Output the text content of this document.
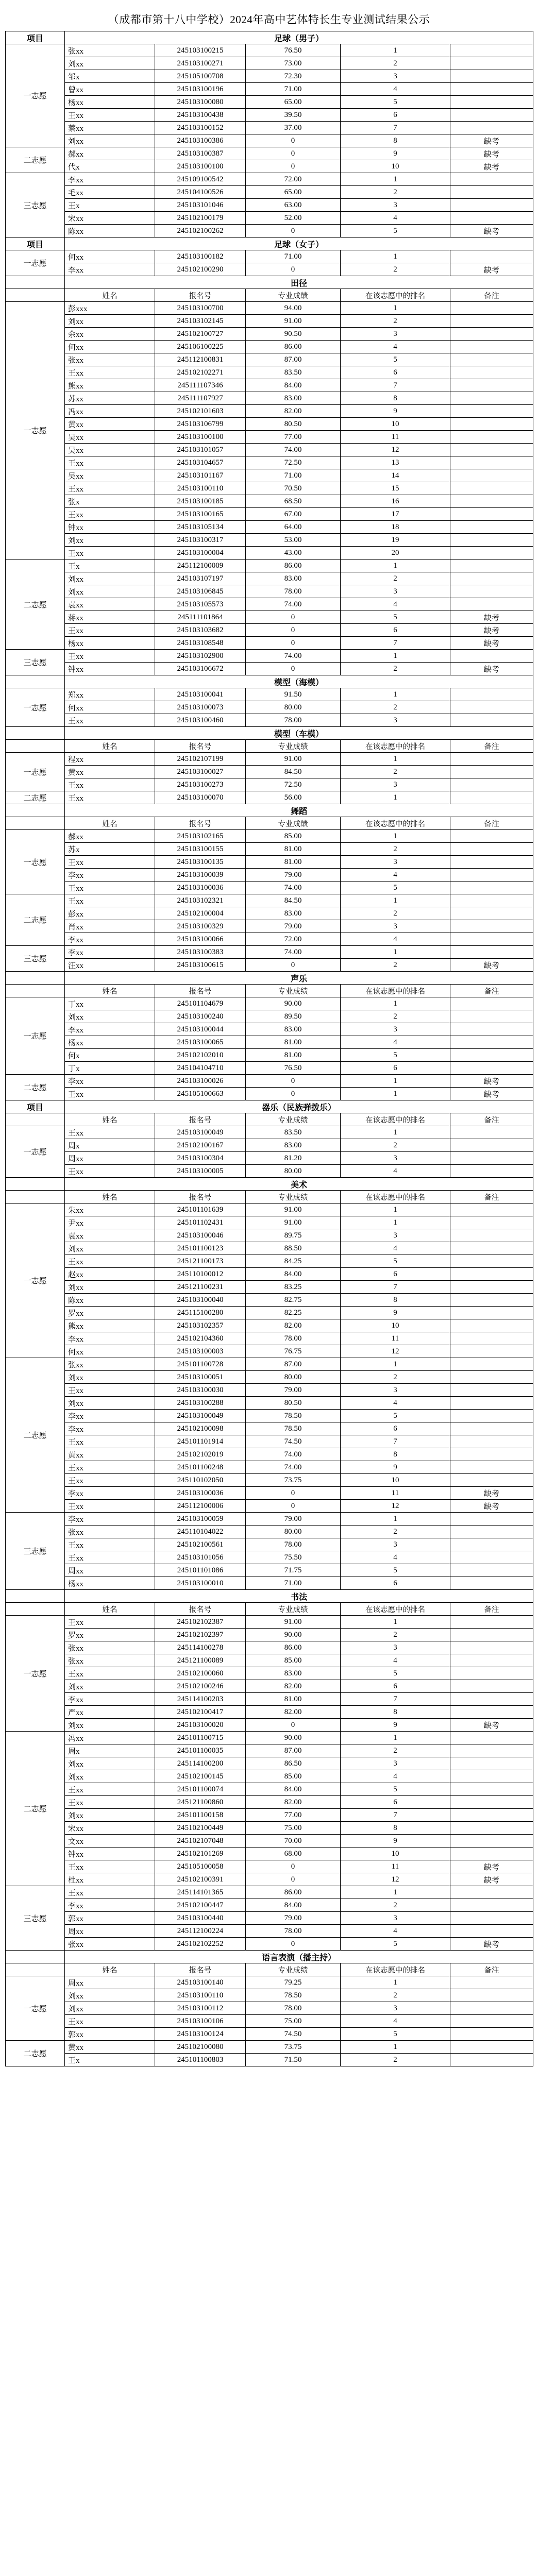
（成都市第十八中学校）2024年高中艺体特长生专业测试结果公示
项目	足球（男子）				
一志愿	张xx	2451031002​15	76.50	1	
	刘xx	245103100271	73.00	2	
	邹x	245105100708	72.30	3	
	曾xx	245103100196	71.00	4	
	杨xx	245103100080	65.00	5	
	王xx	245103100438	39.50	6	
	蔡xx	245103100152	37.00	7	
	刘xx	245103100386	0	8	缺考
二志愿	郝xx	245103100387	0	9	缺考
	代x	245103100100	0	10	缺考
三志愿	李xx	245109100542	72.00	1	
	毛xx	245104100526	65.00	2	
	王x	245103101046	63.00	3	
	宋xx	245102100179	52.00	4	
	陈xx	245102100262	0	5	缺考
项目	足球（女子）				
一志愿	何xx	245103100182	71.00	1	
	李xx	245102100290	0	2	缺考
	田径				
	姓名	报名号	专业成绩	在该志愿中的排名	备注
一志愿	彭xxx	245103100700	94.00	1	
	刘xx	245103102145	91.00	2	
	余xx	245102100727	90.50	3	
	何xx	245106100225	86.00	4	
	张xx	245112100831	87.00	5	
	王xx	245102102271	83.50	6	
	熊xx	245111107346	84.00	7	
	苏xx	245111107927	83.00	8	
	冯xx	245102101603	82.00	9	
	黄xx	245103106799	80.50	10	
	吴xx	245103100100	77.00	11	
	吴xx	245103101057	74.00	12	
	王xx	245103104657	72.50	13	
	吴xx	245103101167	71.00	14	
	王xx	245103100110	70.50	15	
	张x	245103100185	68.50	16	
	王xx	245103100165	67.00	17	
	钟xx	245103105134	64.00	18	
	刘xx	245103100317	53.00	19	
	王xx	245103100004	43.00	20	
二志愿	王x	245112100009	86.00	1	
	刘xx	245103107197	83.00	2	
	刘xx	245103106845	78.00	3	
	袁xx	245103105573	74.00	4	
	蒋xx	245111101864	0	5	缺考
	王xx	245103103682	0	6	缺考
	杨xx	245103108548	0	7	缺考
三志愿	王xx	245103102900	74.00	1	
	钟xx	245103106672	0	2	缺考
	模型（海模）				
一志愿	郑xx	245103100041	91.50	1	
	何xx	245103100073	80.00	2	
	王xx	245103100460	78.00	3	
	模型（车模）				
	姓名	报名号	专业成绩	在该志愿中的排名	备注
一志愿	程xx	245102107199	91.00	1	
	黄xx	245103100027	84.50	2	
	王xx	245103100273	72.50	3	
二志愿	王xx	245103100070	56.00	1	
	舞蹈				
	姓名	报名号	专业成绩	在该志愿中的排名	备注
一志愿	郝xx	245103102165	85.00	1	
	苏x	245103100155	81.00	2	
	王xx	245103100135	81.00	3	
	李xx	245103100039	79.00	4	
	王xx	245103100036	74.00	5	
二志愿	王xx	245103102321	84.50	1	
	彭xx	245102100004	83.00	2	
	肖xx	245103100329	79.00	3	
	李xx	245103100066	72.00	4	
三志愿	李xx	245103100383	74.00	1	
	汪xx	245103100615	0	2	缺考
	声乐				
	姓名	报名号	专业成绩	在该志愿中的排名	备注
一志愿	丁xx	245101104679	90.00	1	
	刘xx	245103100240	89.50	2	
	李xx	245103100044	83.00	3	
	杨xx	245103100065	81.00	4	
	何x	245102102010	81.00	5	
	丁x	245104104710	76.50	6	
二志愿	李xx	245103100026	0	1	缺考
	王xx	245105100663	0	1	缺考
项目	器乐（民族弹拨乐）				
	姓名	报名号	专业成绩	在该志愿中的排名	备注
一志愿	王xx	245103100049	83.50	1	
	周x	245102100167	83.00	2	
	周xx	245103100304	81.20	3	
	王xx	245103100005	80.00	4	
	美术				
	姓名	报名号	专业成绩	在该志愿中的排名	备注
一志愿	朱xx	245101101639	91.00	1	
	尹xx	245101102431	91.00	1	
	袁xx	245103100046	89.75	3	
	刘xx	245101100123	88.50	4	
	王xx	245121100173	84.25	5	
	赵xx	245110100012	84.00	6	
	刘xx	245121100231	83.25	7	
	陈xx	245103100040	82.75	8	
	罗xx	245115100280	82.25	9	
	熊xx	245103102357	82.00	10	
	李xx	245102104360	78.00	11	
	何xx	245103100003	76.75	12	
二志愿	张xx	245101100728	87.00	1	
	刘xx	245103100051	80.00	2	
	王xx	245103100030	79.00	3	
	刘xx	245103100288	80.50	4	
	李xx	245103100049	78.50	5	
	李xx	245102100098	78.50	6	
	王xx	245101101914	74.50	7	
	黄xx	245102102019	74.00	8	
	王xx	245101100248	74.00	9	
	王xx	245110102050	73.75	10	
	李xx	245103100036	0	11	缺考
	王xx	245112100006	0	12	缺考
三志愿	李xx	245103100059	79.00	1	
	张xx	245110104022	80.00	2	
	王xx	245102100561	78.00	3	
	王xx	245103101056	75.50	4	
	周xx	245101101086	71.75	5	
	杨xx	245103100010	71.00	6	
	书法				
	姓名	报名号	专业成绩	在该志愿中的排名	备注
一志愿	王xx	245102102387	91.00	1	
	罗xx	245102102397	90.00	2	
	张xx	245114100278	86.00	3	
	张xx	245121100089	85.00	4	
	王xx	245102100060	83.00	5	
	刘xx	245102100246	82.00	6	
	李xx	245114100203	81.00	7	
	严xx	245102100417	82.00	8	
	刘xx	245103100020	0	9	缺考
二志愿	冯xx	245101100715	90.00	1	
	周x	245101100035	87.00	2	
	刘xx	245114100200	86.50	3	
	刘xx	245102100145	85.00	4	
	王xx	245101100074	84.00	5	
	王xx	245121100860	82.00	6	
	刘xx	245101100158	77.00	7	
	宋xx	245102100449	75.00	8	
	文xx	245102107048	70.00	9	
	钟xx	245102101269	68.00	10	
	王xx	245105100058	0	11	缺考
	杜xx	245102100391	0	12	缺考
三志愿	王xx	245114101365	86.00	1	
	李xx	245102100447	84.00	2	
	郭xx	245103100440	79.00	3	
	周xx	245112100224	78.00	4	
	张xx	245102102252	0	5	缺考
	语言表演（播主持）				
	姓名	报名号	专业成绩	在该志愿中的排名	备注
一志愿	周xx	245103100140	79.25	1	
	刘xx	245103100110	78.50	2	
	刘xx	245103100112	78.00	3	
	王xx	245103100106	75.00	4	
	郭xx	245103100124	74.50	5	
二志愿	黄xx	245102100080	73.75	1	
	王x	245101100803	71.50	2	
